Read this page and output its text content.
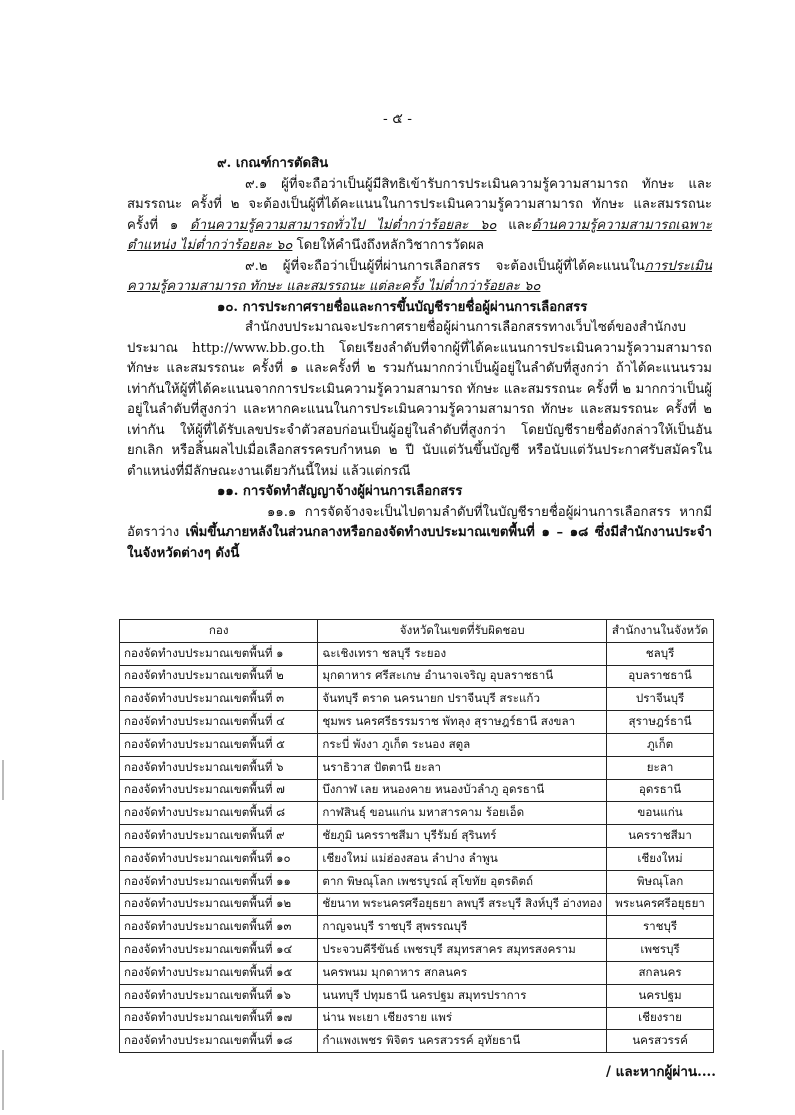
- ๕ -

๙. เกณฑ์การตัดสิน

๙.๑ ผู้ที่จะถือว่าเป็นผู้มีสิทธิเข้ารับการประเมินความรู้ความสามารถ ทักษะ และสมรรถนะ ครั้งที่ ๒ จะต้องเป็นผู้ที่ได้คะแนนในการประเมินความรู้ความสามารถ ทักษะ และสมรรถนะ ครั้งที่ ๑ ด้านความรู้ความสามารถทั่วไป ไม่ต่ำกว่าร้อยละ ๖๐ และด้านความรู้ความสามารถเฉพาะตำแหน่ง ไม่ต่ำกว่าร้อยละ ๖๐ โดยให้คำนึงถึงหลักวิชาการวัดผล

๙.๒ ผู้ที่จะถือว่าเป็นผู้ที่ผ่านการเลือกสรร จะต้องเป็นผู้ที่ได้คะแนนในการประเมินความรู้ความสามารถ ทักษะ และสมรรถนะ แต่ละครั้ง ไม่ต่ำกว่าร้อยละ ๖๐

๑๐. การประกาศรายชื่อและการขึ้นบัญชีรายชื่อผู้ผ่านการเลือกสรร

สำนักงบประมาณจะประกาศรายชื่อผู้ผ่านการเลือกสรรทางเว็บไซต์ของสำนักงบประมาณ http://www.bb.go.th โดยเรียงลำดับที่จากผู้ที่ได้คะแนนการประเมินความรู้ความสามารถ ทักษะ และสมรรถนะ ครั้งที่ ๑ และครั้งที่ ๒ รวมกันมากกว่าเป็นผู้อยู่ในลำดับที่สูงกว่า ถ้าได้คะแนนรวมเท่ากันให้ผู้ที่ได้คะแนนจากการประเมินความรู้ความสามารถ ทักษะ และสมรรถนะ ครั้งที่ ๒ มากกว่าเป็นผู้อยู่ในลำดับที่สูงกว่า และหากคะแนนในการประเมินความรู้ความสามารถ ทักษะ และสมรรถนะ ครั้งที่ ๒ เท่ากัน ให้ผู้ที่ได้รับเลขประจำตัวสอบก่อนเป็นผู้อยู่ในลำดับที่สูงกว่า โดยบัญชีรายชื่อดังกล่าวให้เป็นอันยกเลิก หรือสิ้นผลไปเมื่อเลือกสรรครบกำหนด ๒ ปี นับแต่วันขึ้นบัญชี หรือนับแต่วันประกาศรับสมัครในตำแหน่งที่มีลักษณะงานเดียวกันนี้ใหม่ แล้วแต่กรณี

๑๑. การจัดทำสัญญาจ้างผู้ผ่านการเลือกสรร

๑๑.๑ การจัดจ้างจะเป็นไปตามลำดับที่ในบัญชีรายชื่อผู้ผ่านการเลือกสรร หากมีอัตราว่าง เพิ่มขึ้นภายหลังในส่วนกลางหรือกองจัดทำงบประมาณเขตพื้นที่ ๑ – ๑๘ ซึ่งมีสำนักงานประจำในจังหวัดต่างๆ ดังนี้

กอง	จังหวัดในเขตที่รับผิดชอบ	สำนักงานในจังหวัด
กองจัดทำงบประมาณเขตพื้นที่ ๑	ฉะเชิงเทรา ชลบุรี ระยอง	ชลบุรี
กองจัดทำงบประมาณเขตพื้นที่ ๒	มุกดาหาร ศรีสะเกษ อำนาจเจริญ อุบลราชธานี	อุบลราชธานี
กองจัดทำงบประมาณเขตพื้นที่ ๓	จันทบุรี ตราด นครนายก ปราจีนบุรี สระแก้ว	ปราจีนบุรี
กองจัดทำงบประมาณเขตพื้นที่ ๔	ชุมพร นครศรีธรรมราช พัทลุง สุราษฎร์ธานี สงขลา	สุราษฎร์ธานี
กองจัดทำงบประมาณเขตพื้นที่ ๕	กระบี่ พังงา ภูเก็ต ระนอง สตูล	ภูเก็ต
กองจัดทำงบประมาณเขตพื้นที่ ๖	นราธิวาส ปัตตานี ยะลา	ยะลา
กองจัดทำงบประมาณเขตพื้นที่ ๗	บึงกาฬ เลย หนองคาย หนองบัวลำภู อุดรธานี	อุดรธานี
กองจัดทำงบประมาณเขตพื้นที่ ๘	กาฬสินธุ์ ขอนแก่น มหาสารคาม ร้อยเอ็ด	ขอนแก่น
กองจัดทำงบประมาณเขตพื้นที่ ๙	ชัยภูมิ นครราชสีมา บุรีรัมย์ สุรินทร์	นครราชสีมา
กองจัดทำงบประมาณเขตพื้นที่ ๑๐	เชียงใหม่ แม่ฮ่องสอน ลำปาง ลำพูน	เชียงใหม่
กองจัดทำงบประมาณเขตพื้นที่ ๑๑	ตาก พิษณุโลก เพชรบูรณ์ สุโขทัย อุตรดิตถ์	พิษณุโลก
กองจัดทำงบประมาณเขตพื้นที่ ๑๒	ชัยนาท พระนครศรีอยุธยา ลพบุรี สระบุรี สิงห์บุรี อ่างทอง	พระนครศรีอยุธยา
กองจัดทำงบประมาณเขตพื้นที่ ๑๓	กาญจนบุรี ราชบุรี สุพรรณบุรี	ราชบุรี
กองจัดทำงบประมาณเขตพื้นที่ ๑๔	ประจวบคีรีขันธ์ เพชรบุรี สมุทรสาคร สมุทรสงคราม	เพชรบุรี
กองจัดทำงบประมาณเขตพื้นที่ ๑๕	นครพนม มุกดาหาร สกลนคร	สกลนคร
กองจัดทำงบประมาณเขตพื้นที่ ๑๖	นนทบุรี ปทุมธานี นครปฐม สมุทรปราการ	นครปฐม
กองจัดทำงบประมาณเขตพื้นที่ ๑๗	น่าน พะเยา เชียงราย แพร่	เชียงราย
กองจัดทำงบประมาณเขตพื้นที่ ๑๘	กำแพงเพชร พิจิตร นครสวรรค์ อุทัยธานี	นครสวรรค์
/ และหากผู้ผ่าน....
